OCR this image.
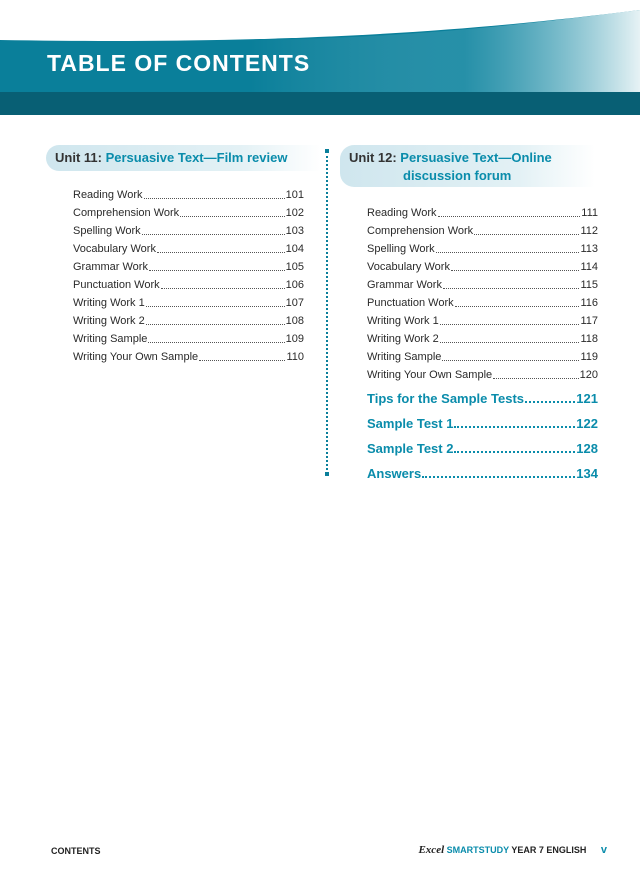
TABLE OF CONTENTS
Unit 11: Persuasive Text—Film review
Reading Work	101
Comprehension Work	102
Spelling Work	103
Vocabulary Work	104
Grammar Work	105
Punctuation Work	106
Writing Work 1	107
Writing Work 2	108
Writing Sample	109
Writing Your Own Sample	110
Unit 12: Persuasive Text—Online
discussion forum
Reading Work	111
Comprehension Work	112
Spelling Work	113
Vocabulary Work	114
Grammar Work	115
Punctuation Work	116
Writing Work 1	117
Writing Work 2	118
Writing Sample	119
Writing Your Own Sample	120
Tips for the Sample Tests	121
Sample Test 1	122
Sample Test 2	128
Answers	134
CONTENTS	Excel SMARTSTUDY YEAR 7 ENGLISH v
